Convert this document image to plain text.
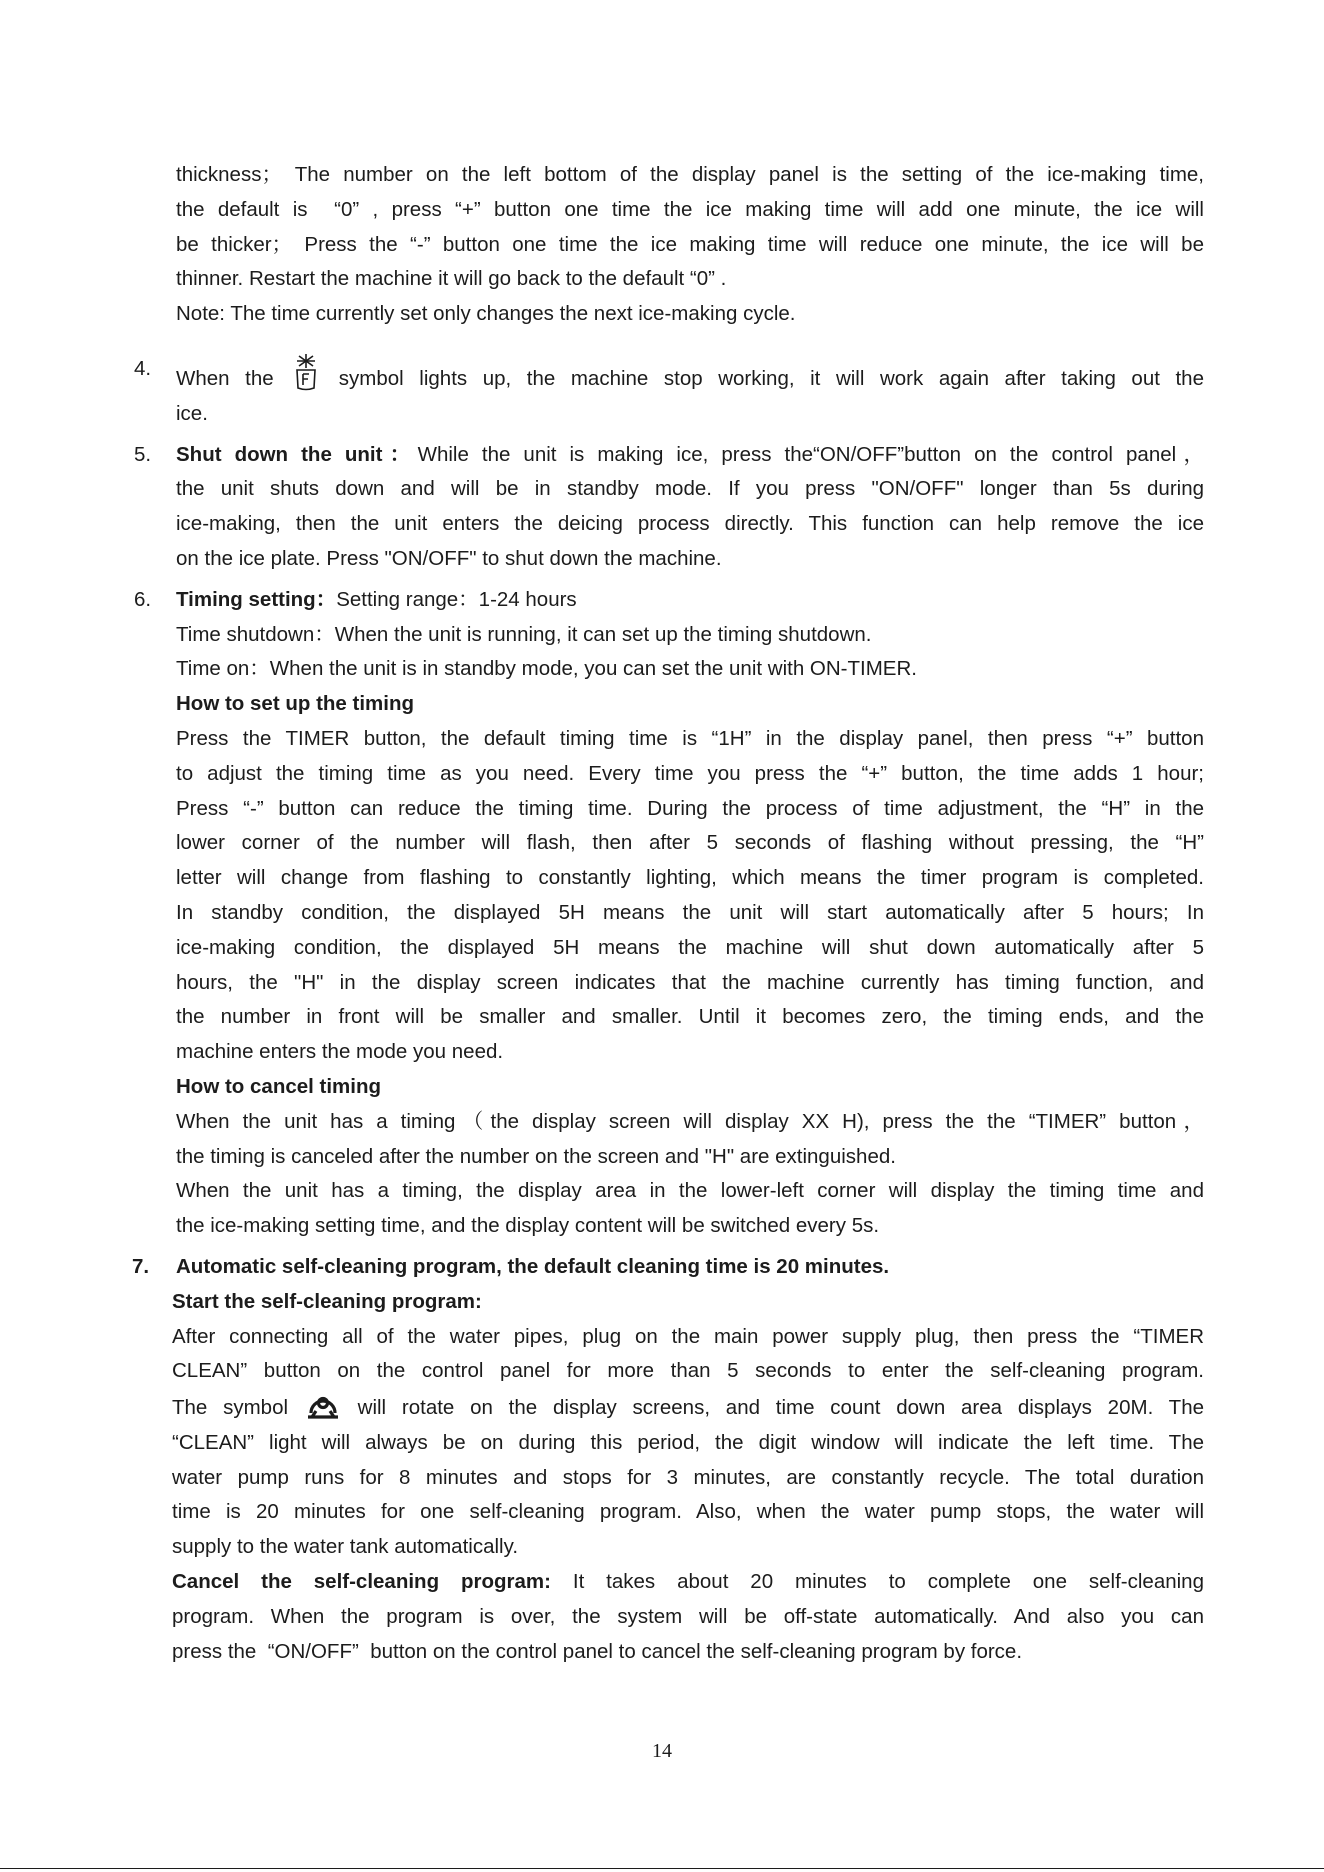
thickness； The number on the left bottom of the display panel is the setting of the ice-making time,
the default is  “0” , press “+” button one time the ice making time will add one minute, the ice will
be thicker； Press the “-” button one time the ice making time will reduce one minute, the ice will be
thinner. Restart the machine it will go back to the default “0” .
Note: The time currently set only changes the next ice-making cycle.
4. When the	symbol lights up, the machine stop working, it will work again after taking out the
ice.
5. Shut down the unit：While the unit is making ice, press the“ON/OFF”button on the control panel，
the unit shuts down and will be in standby mode. If you press "ON/OFF" longer than 5s during
ice-making, then the unit enters the deicing process directly. This function can help remove the ice
on the ice plate. Press "ON/OFF" to shut down the machine.
6. Timing setting：Setting range：1-24 hours
Time shutdown：When the unit is running, it can set up the timing shutdown.
Time on：When the unit is in standby mode, you can set the unit with ON-TIMER.
How to set up the timing
Press the TIMER button, the default timing time is “1H” in the display panel, then press “+” button
to adjust the timing time as you need. Every time you press the “+” button, the time adds 1 hour;
Press “-” button can reduce the timing time. During the process of time adjustment, the “H” in the
lower corner of the number will flash, then after 5 seconds of flashing without pressing, the “H”
letter will change from flashing to constantly lighting, which means the timer program is completed.
In standby condition, the displayed 5H means the unit will start automatically after 5 hours; In
ice-making condition, the displayed 5H means the machine will shut down automatically after 5
hours, the "H" in the display screen indicates that the machine currently has timing function, and
the number in front will be smaller and smaller. Until it becomes zero, the timing ends, and the
machine enters the mode you need.
How to cancel timing
When the unit has a timing（the display screen will display XX H), press the the “TIMER” button，
the timing is canceled after the number on the screen and "H" are extinguished.
When the unit has a timing, the display area in the lower-left corner will display the timing time and
the ice-making setting time, and the display content will be switched every 5s.
7. Automatic self-cleaning program, the default cleaning time is 20 minutes.
Start the self-cleaning program:
After connecting all of the water pipes, plug on the main power supply plug, then press the “TIMER
CLEAN” button on the control panel for more than 5 seconds to enter the self-cleaning program.
The symbol	will rotate on the display screens, and time count down area displays 20M. The
“CLEAN” light will always be on during this period, the digit window will indicate the left time. The
water pump runs for 8 minutes and stops for 3 minutes, are constantly recycle. The total duration
time is 20 minutes for one self-cleaning program. Also, when the water pump stops, the water will
supply to the water tank automatically.
Cancel the self-cleaning program: It takes about 20 minutes to complete one self-cleaning
program. When the program is over, the system will be off-state automatically. And also you can
press the  “ON/OFF”  button on the control panel to cancel the self-cleaning program by force.
14
